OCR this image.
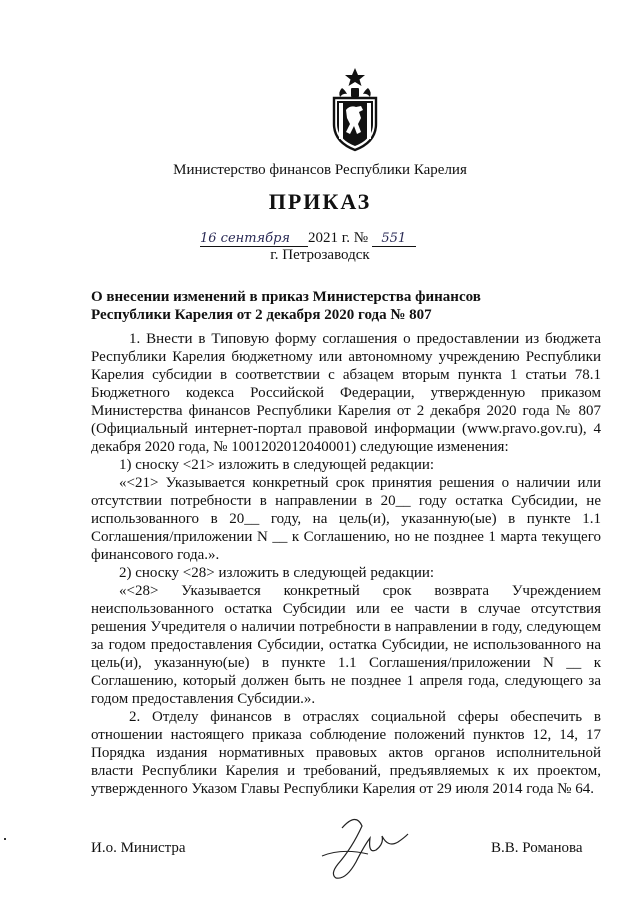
Министерство финансов Республики Карелия
ПРИКАЗ
16 сентября 2021 г. № 551
г. Петрозаводск
О внесении изменений в приказ Министерства финансов
Республики Карелия от 2 декабря 2020 года № 807

1. Внести в Типовую форму соглашения о предоставлении из бюджета Республики Карелия бюджетному или автономному учреждению Республики Карелия субсидии в соответствии с абзацем вторым пункта 1 статьи 78.1 Бюджетного кодекса Российской Федерации, утвержденную приказом Министерства финансов Республики Карелия от 2 декабря 2020 года № 807 (Официальный интернет-портал правовой информации (www.pravo.gov.ru), 4 декабря 2020 года, № 1001202012040001) следующие изменения:

1) сноску <21> изложить в следующей редакции:

«<21> Указывается конкретный срок принятия решения о наличии или отсутствии потребности в направлении в 20__ году остатка Субсидии, не использованного в 20__ году, на цель(и), указанную(ые) в пункте 1.1 Соглашения/приложении N __ к Соглашению, но не позднее 1 марта текущего финансового года.».

2) сноску <28> изложить в следующей редакции:

«<28> Указывается конкретный срок возврата Учреждением неиспользованного остатка Субсидии или ее части в случае отсутствия решения Учредителя о наличии потребности в направлении в году, следующем за годом предоставления Субсидии, остатка Субсидии, не использованного на цель(и), указанную(ые) в пункте 1.1 Соглашения/приложении N __ к Соглашению, который должен быть не позднее 1 апреля года, следующего за годом предоставления Субсидии.».

2. Отделу финансов в отраслях социальной сферы обеспечить в отношении настоящего приказа соблюдение положений пунктов 12, 14, 17 Порядка издания нормативных правовых актов органов исполнительной власти Республики Карелия и требований, предъявляемых к их проектом, утвержденного Указом Главы Республики Карелия от 29 июля 2014 года № 64.

И.о. Министра	В.В. Романова
